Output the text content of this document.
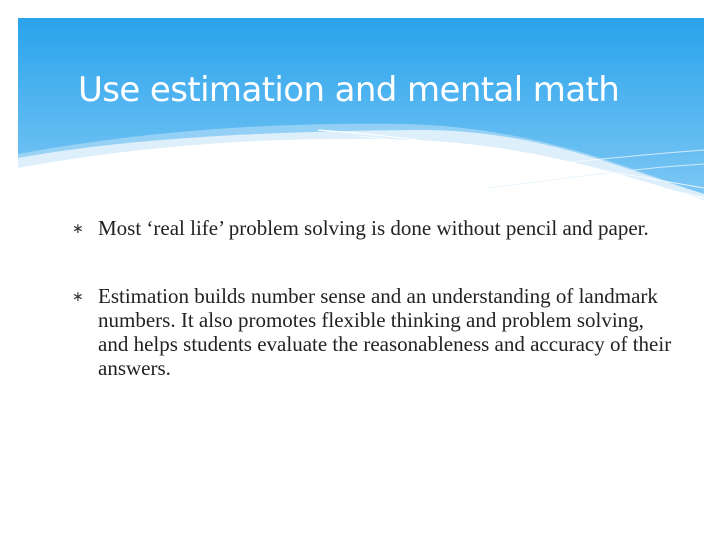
Use estimation and mental math
∗ Most ‘real life’ problem solving is done without pencil and paper.
∗ Estimation builds number sense and an understanding of landmark numbers. It also promotes flexible thinking and problem solving, and helps students evaluate the reasonableness and accuracy of their answers.
